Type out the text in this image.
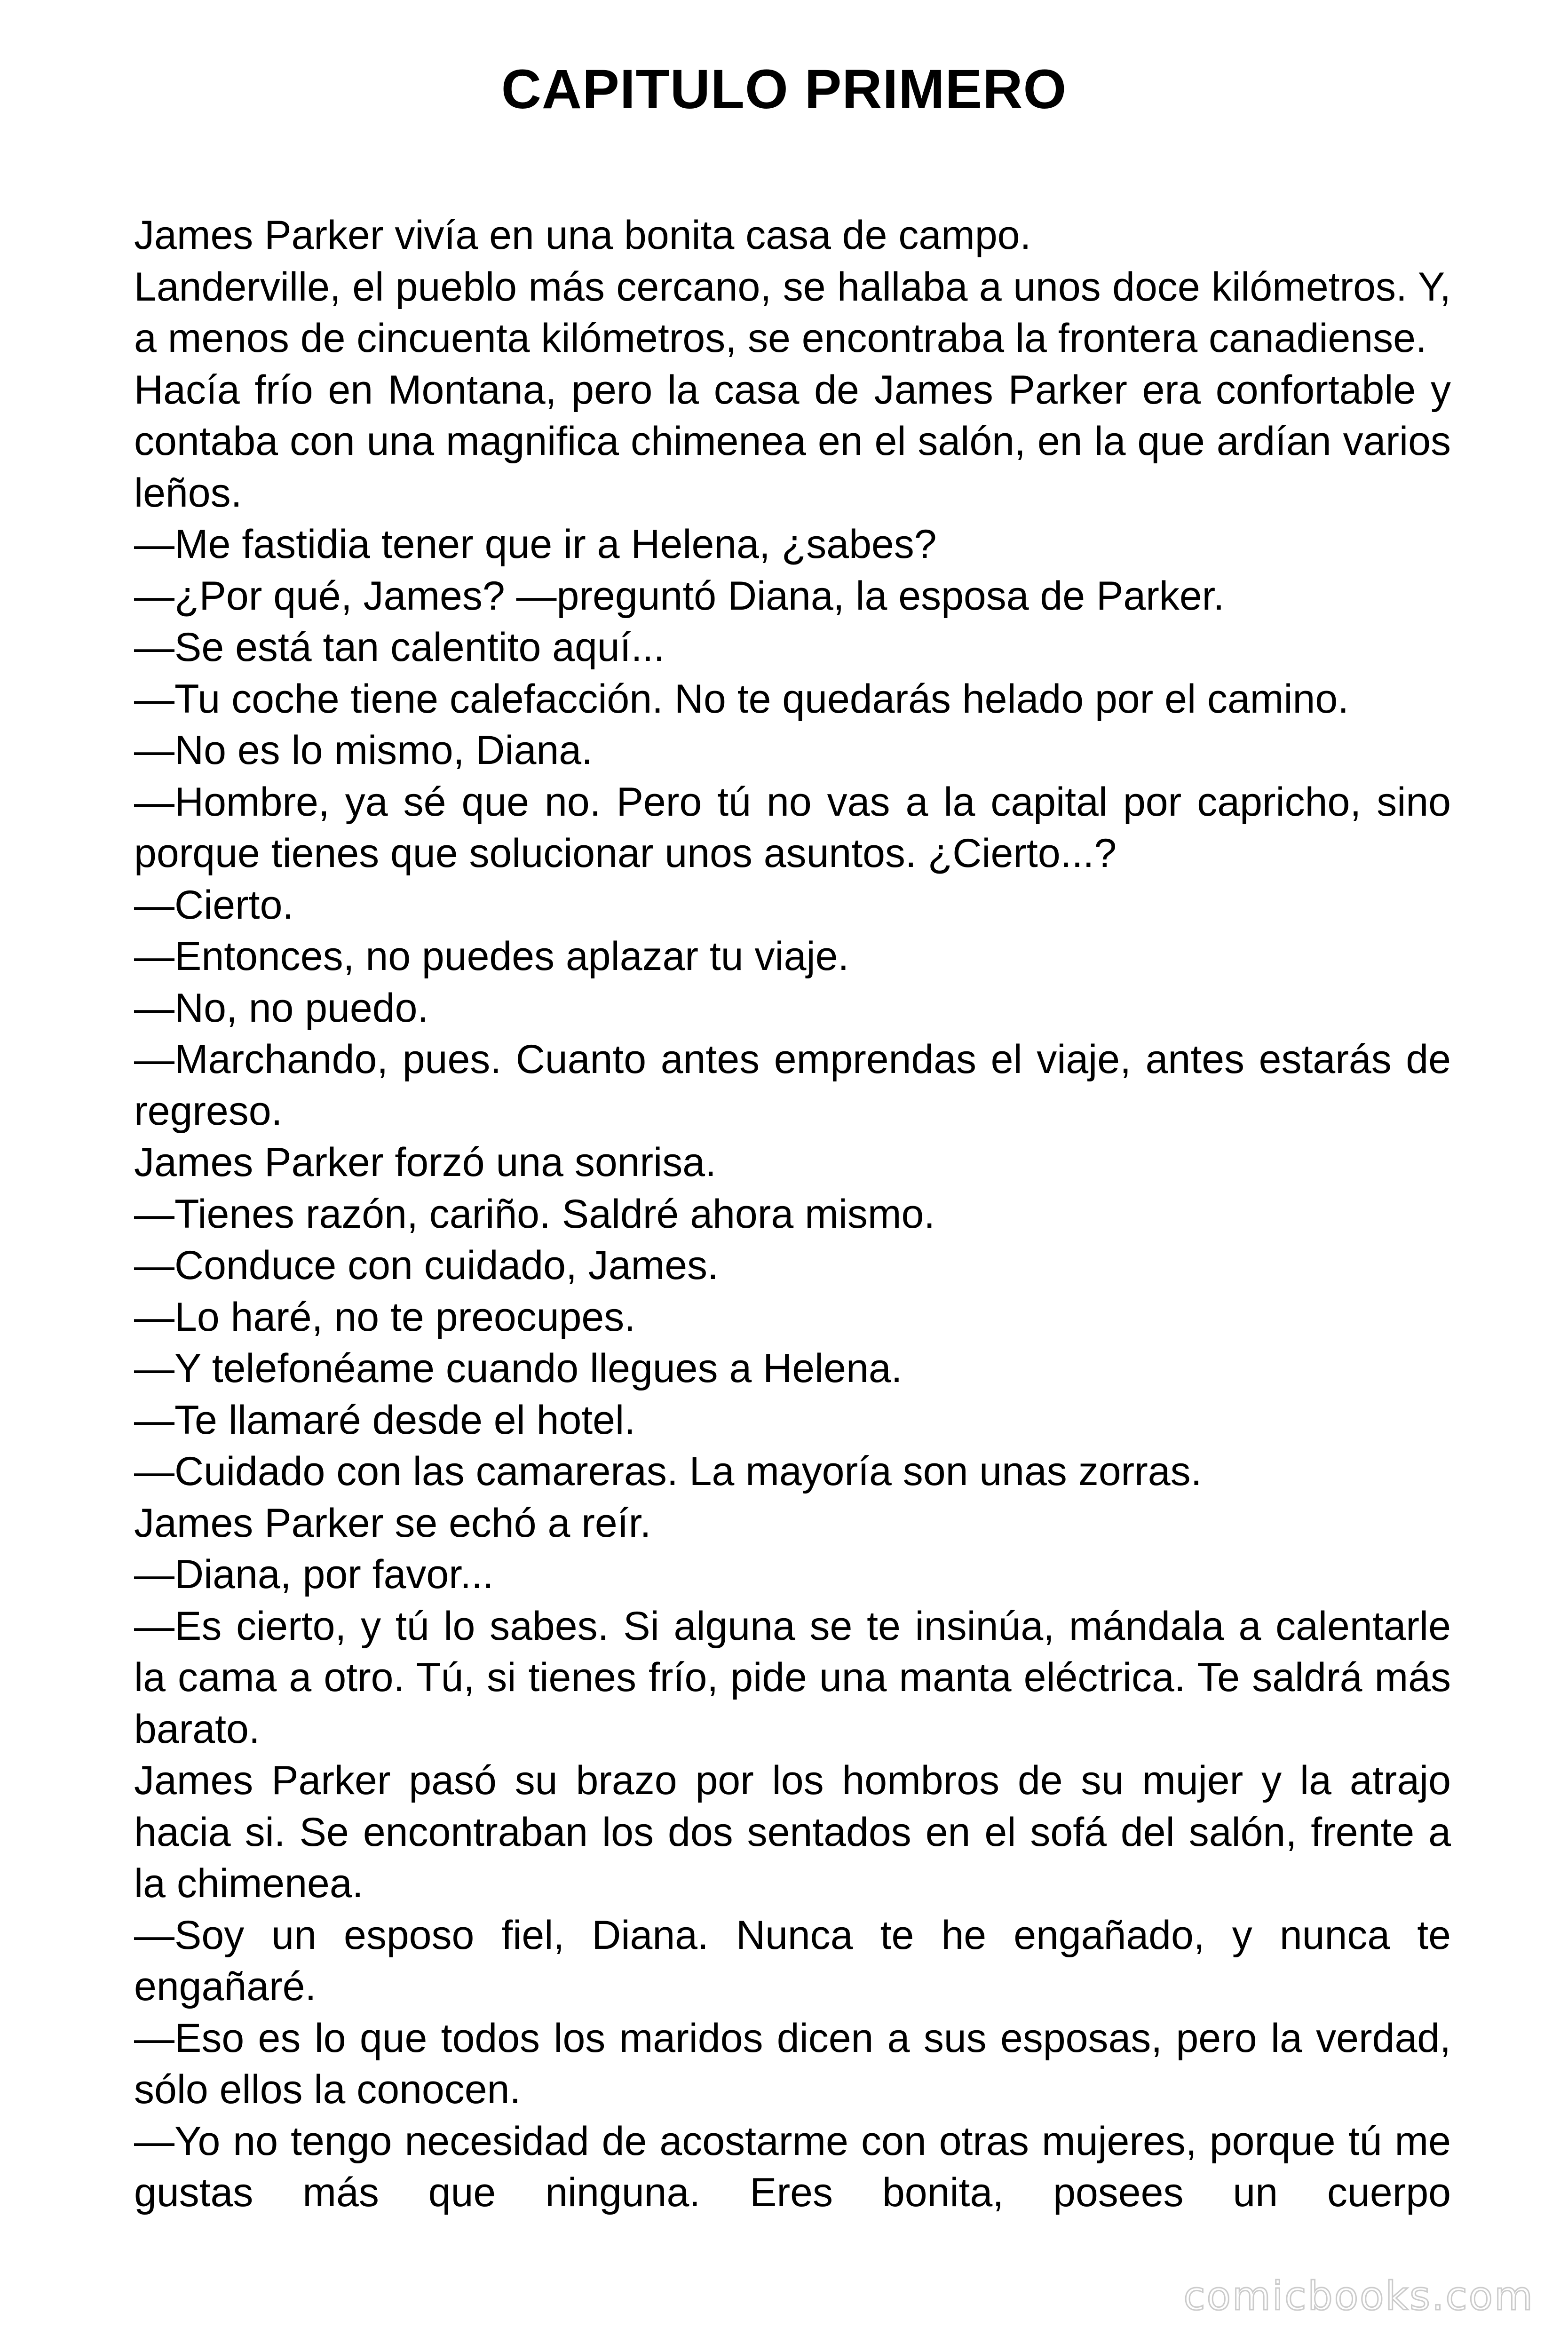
CAPITULO PRIMERO

James Parker vivía en una bonita casa de campo.

Landerville, el pueblo más cercano, se hallaba a unos doce kilómetros. Y, a menos de cincuenta kilómetros, se encontraba la frontera canadiense.

Hacía frío en Montana, pero la casa de James Parker era confortable y contaba con una magnifica chimenea en el salón, en la que ardían varios leños.

—Me fastidia tener que ir a Helena, ¿sabes?

—¿Por qué, James? —preguntó Diana, la esposa de Parker.

—Se está tan calentito aquí...

—Tu coche tiene calefacción. No te quedarás helado por el camino.

—No es lo mismo, Diana.

—Hombre, ya sé que no. Pero tú no vas a la capital por capricho, sino porque tienes que solucionar unos asuntos. ¿Cierto...?

—Cierto.

—Entonces, no puedes aplazar tu viaje.

—No, no puedo.

—Marchando, pues. Cuanto antes emprendas el viaje, antes estarás de regreso.

James Parker forzó una sonrisa.

—Tienes razón, cariño. Saldré ahora mismo.

—Conduce con cuidado, James.

—Lo haré, no te preocupes.

—Y telefonéame cuando llegues a Helena.

—Te llamaré desde el hotel.

—Cuidado con las camareras. La mayoría son unas zorras.

James Parker se echó a reír.

—Diana, por favor...

—Es cierto, y tú lo sabes. Si alguna se te insinúa, mándala a calentarle la cama a otro. Tú, si tienes frío, pide una manta eléctrica. Te saldrá más barato.

James Parker pasó su brazo por los hombros de su mujer y la atrajo hacia si. Se encontraban los dos sentados en el sofá del salón, frente a la chimenea.

—Soy un esposo fiel, Diana. Nunca te he engañado, y nunca te engañaré.

—Eso es lo que todos los maridos dicen a sus esposas, pero la verdad, sólo ellos la conocen.

—Yo no tengo necesidad de acostarme con otras mujeres, porque tú me gustas más que ninguna. Eres bonita, posees un cuerpo

comicbooks.com
